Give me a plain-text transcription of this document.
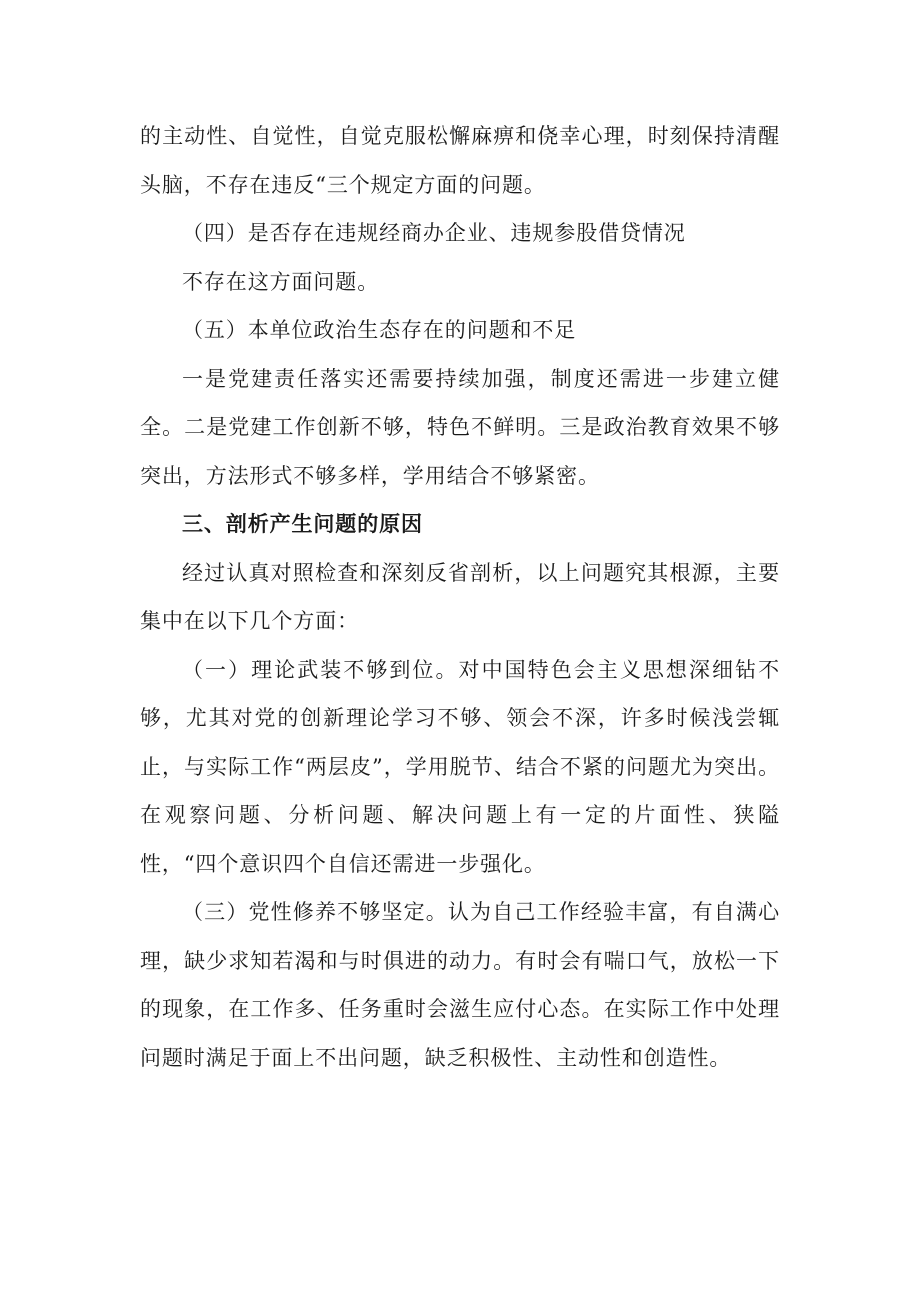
的主动性、自觉性，自觉克服松懈麻痹和侥幸心理，时刻保持清醒头脑，不存在违反“三个规定方面的问题。

（四）是否存在违规经商办企业、违规参股借贷情况

不存在这方面问题。

（五）本单位政治生态存在的问题和不足

一是党建责任落实还需要持续加强，制度还需进一步建立健全。二是党建工作创新不够，特色不鲜明。三是政治教育效果不够突出，方法形式不够多样，学用结合不够紧密。

三、剖析产生问题的原因

经过认真对照检查和深刻反省剖析，以上问题究其根源，主要集中在以下几个方面：

（一）理论武装不够到位。对中国特色会主义思想深细钻不够，尤其对党的创新理论学习不够、领会不深，许多时候浅尝辄止，与实际工作“两层皮”，学用脱节、结合不紧的问题尤为突出。在观察问题、分析问题、解决问题上有一定的片面性、狭隘性，“四个意识四个自信还需进一步强化。

（三）党性修养不够坚定。认为自己工作经验丰富，有自满心理，缺少求知若渴和与时俱进的动力。有时会有喘口气，放松一下的现象，在工作多、任务重时会滋生应付心态。在实际工作中处理问题时满足于面上不出问题，缺乏积极性、主动性和创造性。
